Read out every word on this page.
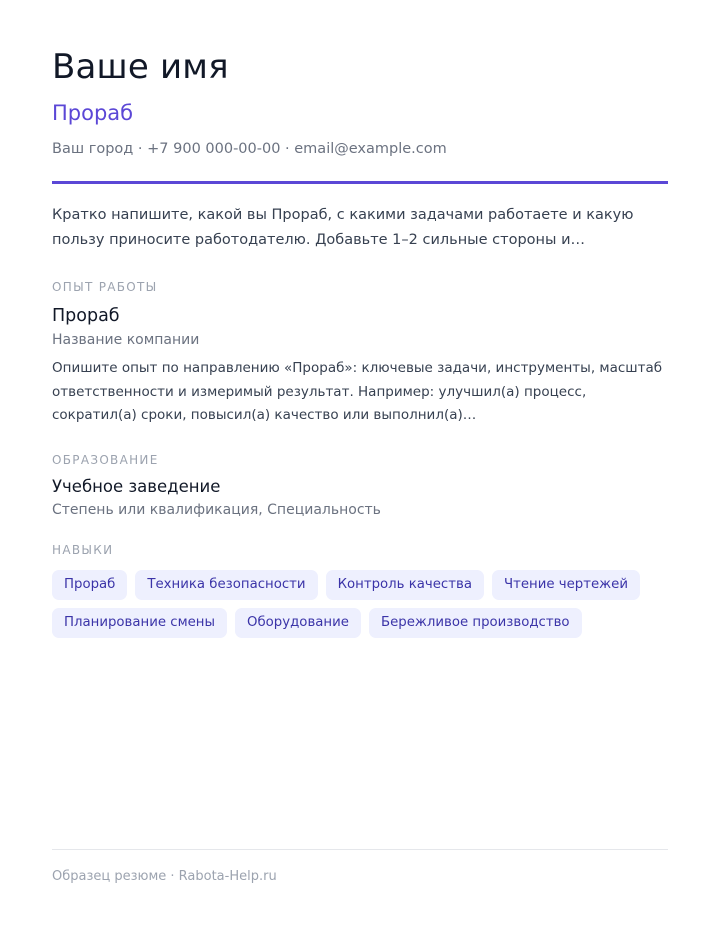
Ваше имя
Прораб
Ваш город · +7 900 000-00-00 · email@example.com
Кратко напишите, какой вы Прораб, с какими задачами работаете и какую пользу приносите работодателю. Добавьте 1–2 сильные стороны и…
ОПЫТ РАБОТЫ
Прораб
Название компании
Опишите опыт по направлению «Прораб»: ключевые задачи, инструменты, масштаб ответственности и измеримый результат. Например: улучшил(а) процесс, сократил(а) сроки, повысил(а) качество или выполнил(а)…
ОБРАЗОВАНИЕ
Учебное заведение
Степень или квалификация, Специальность
НАВЫКИ
Прораб	Техника безопасности	Контроль качества	Чтение чертежей
Планирование смены	Оборудование	Бережливое производство
Образец резюме · Rabota-Help.ru
